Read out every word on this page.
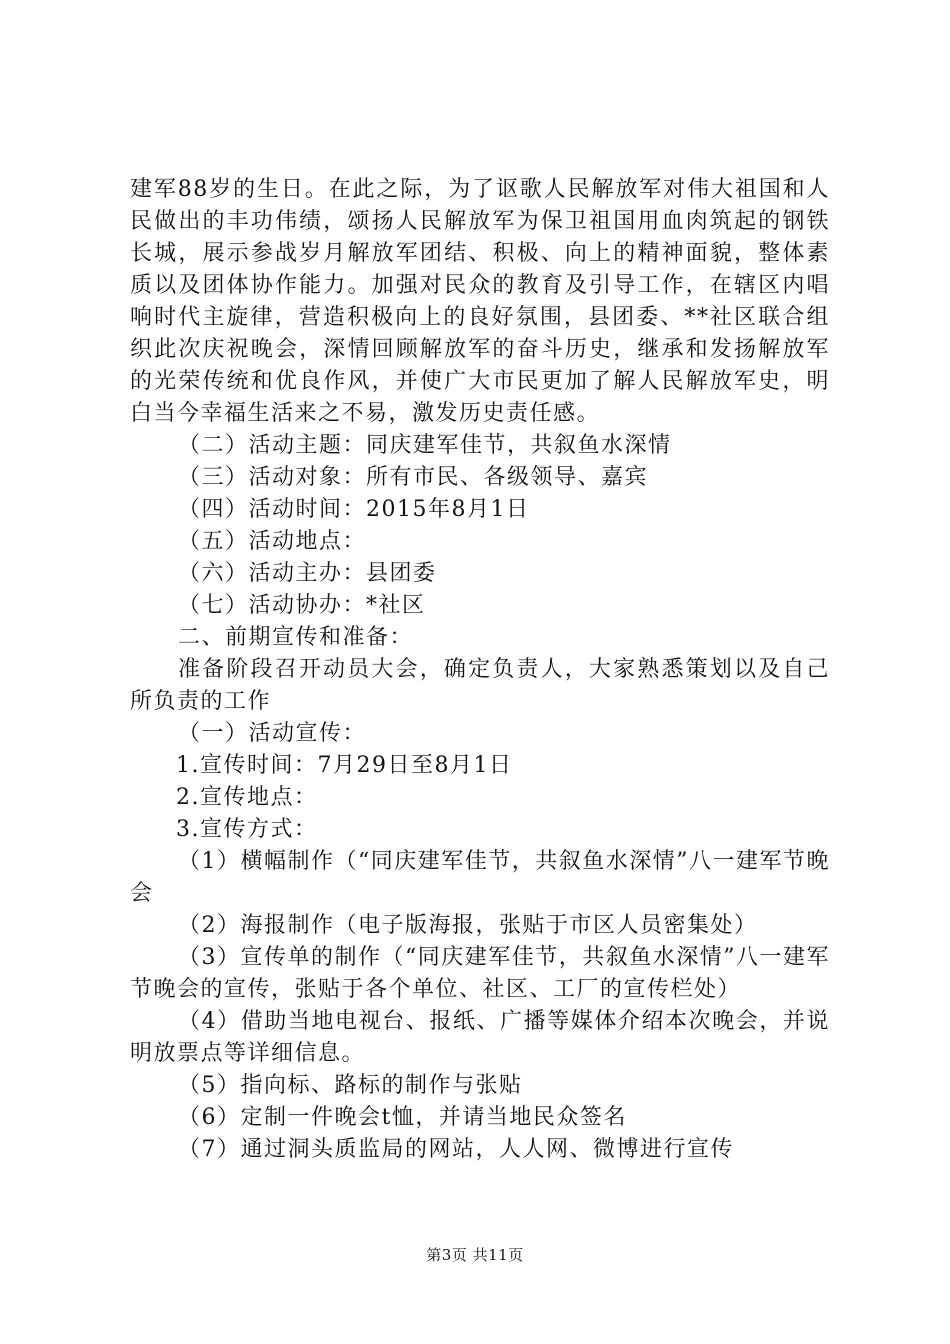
建军88岁的生日。在此之际，为了讴歌人民解放军对伟大祖国和人民做出的丰功伟绩，颂扬人民解放军为保卫祖国用血肉筑起的钢铁长城，展示参战岁月解放军团结、积极、向上的精神面貌，整体素质以及团体协作能力。加强对民众的教育及引导工作，在辖区内唱响时代主旋律，营造积极向上的良好氛围，县团委、**社区联合组织此次庆祝晚会，深情回顾解放军的奋斗历史，继承和发扬解放军的光荣传统和优良作风，并使广大市民更加了解人民解放军史，明白当今幸福生活来之不易，激发历史责任感。

（二）活动主题：同庆建军佳节，共叙鱼水深情

（三）活动对象：所有市民、各级领导、嘉宾

（四）活动时间：2015年8月1日

（五）活动地点：

（六）活动主办：县团委

（七）活动协办：*社区

二、前期宣传和准备：

准备阶段召开动员大会，确定负责人，大家熟悉策划以及自己所负责的工作

（一）活动宣传：

1.宣传时间：7月29日至8月1日

2.宣传地点：

3.宣传方式：

（1）横幅制作（“同庆建军佳节，共叙鱼水深情”八一建军节晚会

（2）海报制作（电子版海报，张贴于市区人员密集处）

（3）宣传单的制作（“同庆建军佳节，共叙鱼水深情”八一建军节晚会的宣传，张贴于各个单位、社区、工厂的宣传栏处）

（4）借助当地电视台、报纸、广播等媒体介绍本次晚会，并说明放票点等详细信息。

（5）指向标、路标的制作与张贴

（6）定制一件晚会t恤，并请当地民众签名

（7）通过洞头质监局的网站，人人网、微博进行宣传

第3页 共11页
